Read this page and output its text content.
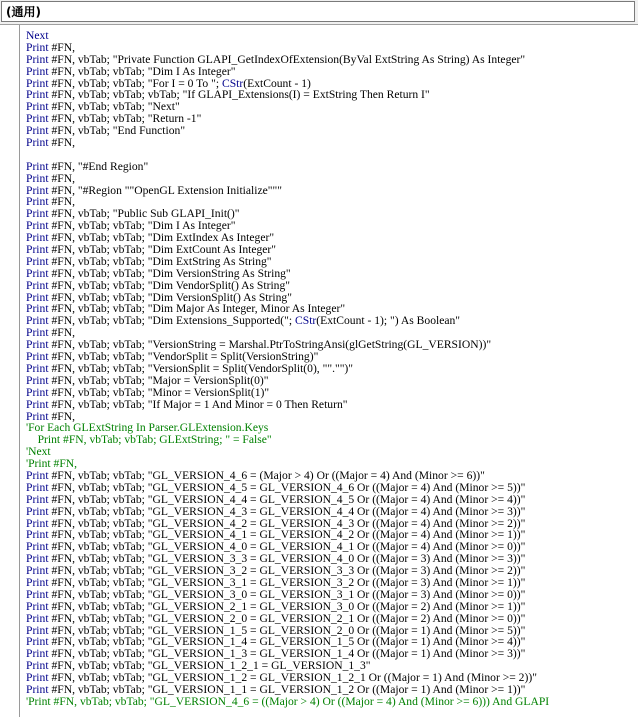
(通用)
Next
Print #FN,
Print #FN, vbTab; "Private Function GLAPI_GetIndexOfExtension(ByVal ExtString As String) As Integer"
Print #FN, vbTab; vbTab; "Dim I As Integer"
Print #FN, vbTab; vbTab; "For I = 0 To "; CStr(ExtCount - 1)
Print #FN, vbTab; vbTab; vbTab; "If GLAPI_Extensions(I) = ExtString Then Return I"
Print #FN, vbTab; vbTab; "Next"
Print #FN, vbTab; vbTab; "Return -1"
Print #FN, vbTab; "End Function"
Print #FN,
Print #FN, "#End Region"
Print #FN,
Print #FN, "#Region ""OpenGL Extension Initialize"""
Print #FN,
Print #FN, vbTab; "Public Sub GLAPI_Init()"
Print #FN, vbTab; vbTab; "Dim I As Integer"
Print #FN, vbTab; vbTab; "Dim ExtIndex As Integer"
Print #FN, vbTab; vbTab; "Dim ExtCount As Integer"
Print #FN, vbTab; vbTab; "Dim ExtString As String"
Print #FN, vbTab; vbTab; "Dim VersionString As String"
Print #FN, vbTab; vbTab; "Dim VendorSplit() As String"
Print #FN, vbTab; vbTab; "Dim VersionSplit() As String"
Print #FN, vbTab; vbTab; "Dim Major As Integer, Minor As Integer"
Print #FN, vbTab; vbTab; "Dim Extensions_Supported("; CStr(ExtCount - 1); ") As Boolean"
Print #FN,
Print #FN, vbTab; vbTab; "VersionString = Marshal.PtrToStringAnsi(glGetString(GL_VERSION))"
Print #FN, vbTab; vbTab; "VendorSplit = Split(VersionString)"
Print #FN, vbTab; vbTab; "VersionSplit = Split(VendorSplit(0), ""."")"
Print #FN, vbTab; vbTab; "Major = VersionSplit(0)"
Print #FN, vbTab; vbTab; "Minor = VersionSplit(1)"
Print #FN, vbTab; vbTab; "If Major = 1 And Minor = 0 Then Return"
Print #FN,
'For Each GLExtString In Parser.GLExtension.Keys
Print #FN, vbTab; vbTab; GLExtString; " = False"
'Next
'Print #FN,
Print #FN, vbTab; vbTab; "GL_VERSION_4_6 = (Major > 4) Or ((Major = 4) And (Minor >= 6))"
Print #FN, vbTab; vbTab; "GL_VERSION_4_5 = GL_VERSION_4_6 Or ((Major = 4) And (Minor >= 5))"
Print #FN, vbTab; vbTab; "GL_VERSION_4_4 = GL_VERSION_4_5 Or ((Major = 4) And (Minor >= 4))"
Print #FN, vbTab; vbTab; "GL_VERSION_4_3 = GL_VERSION_4_4 Or ((Major = 4) And (Minor >= 3))"
Print #FN, vbTab; vbTab; "GL_VERSION_4_2 = GL_VERSION_4_3 Or ((Major = 4) And (Minor >= 2))"
Print #FN, vbTab; vbTab; "GL_VERSION_4_1 = GL_VERSION_4_2 Or ((Major = 4) And (Minor >= 1))"
Print #FN, vbTab; vbTab; "GL_VERSION_4_0 = GL_VERSION_4_1 Or ((Major = 4) And (Minor >= 0))"
Print #FN, vbTab; vbTab; "GL_VERSION_3_3 = GL_VERSION_4_0 Or ((Major = 3) And (Minor >= 3))"
Print #FN, vbTab; vbTab; "GL_VERSION_3_2 = GL_VERSION_3_3 Or ((Major = 3) And (Minor >= 2))"
Print #FN, vbTab; vbTab; "GL_VERSION_3_1 = GL_VERSION_3_2 Or ((Major = 3) And (Minor >= 1))"
Print #FN, vbTab; vbTab; "GL_VERSION_3_0 = GL_VERSION_3_1 Or ((Major = 3) And (Minor >= 0))"
Print #FN, vbTab; vbTab; "GL_VERSION_2_1 = GL_VERSION_3_0 Or ((Major = 2) And (Minor >= 1))"
Print #FN, vbTab; vbTab; "GL_VERSION_2_0 = GL_VERSION_2_1 Or ((Major = 2) And (Minor >= 0))"
Print #FN, vbTab; vbTab; "GL_VERSION_1_5 = GL_VERSION_2_0 Or ((Major = 1) And (Minor >= 5))"
Print #FN, vbTab; vbTab; "GL_VERSION_1_4 = GL_VERSION_1_5 Or ((Major = 1) And (Minor >= 4))"
Print #FN, vbTab; vbTab; "GL_VERSION_1_3 = GL_VERSION_1_4 Or ((Major = 1) And (Minor >= 3))"
Print #FN, vbTab; vbTab; "GL_VERSION_1_2_1 = GL_VERSION_1_3"
Print #FN, vbTab; vbTab; "GL_VERSION_1_2 = GL_VERSION_1_2_1 Or ((Major = 1) And (Minor >= 2))"
Print #FN, vbTab; vbTab; "GL_VERSION_1_1 = GL_VERSION_1_2 Or ((Major = 1) And (Minor >= 1))"
'Print #FN, vbTab; vbTab; "GL_VERSION_4_6 = ((Major > 4) Or ((Major = 4) And (Minor >= 6))) And GLAPI
